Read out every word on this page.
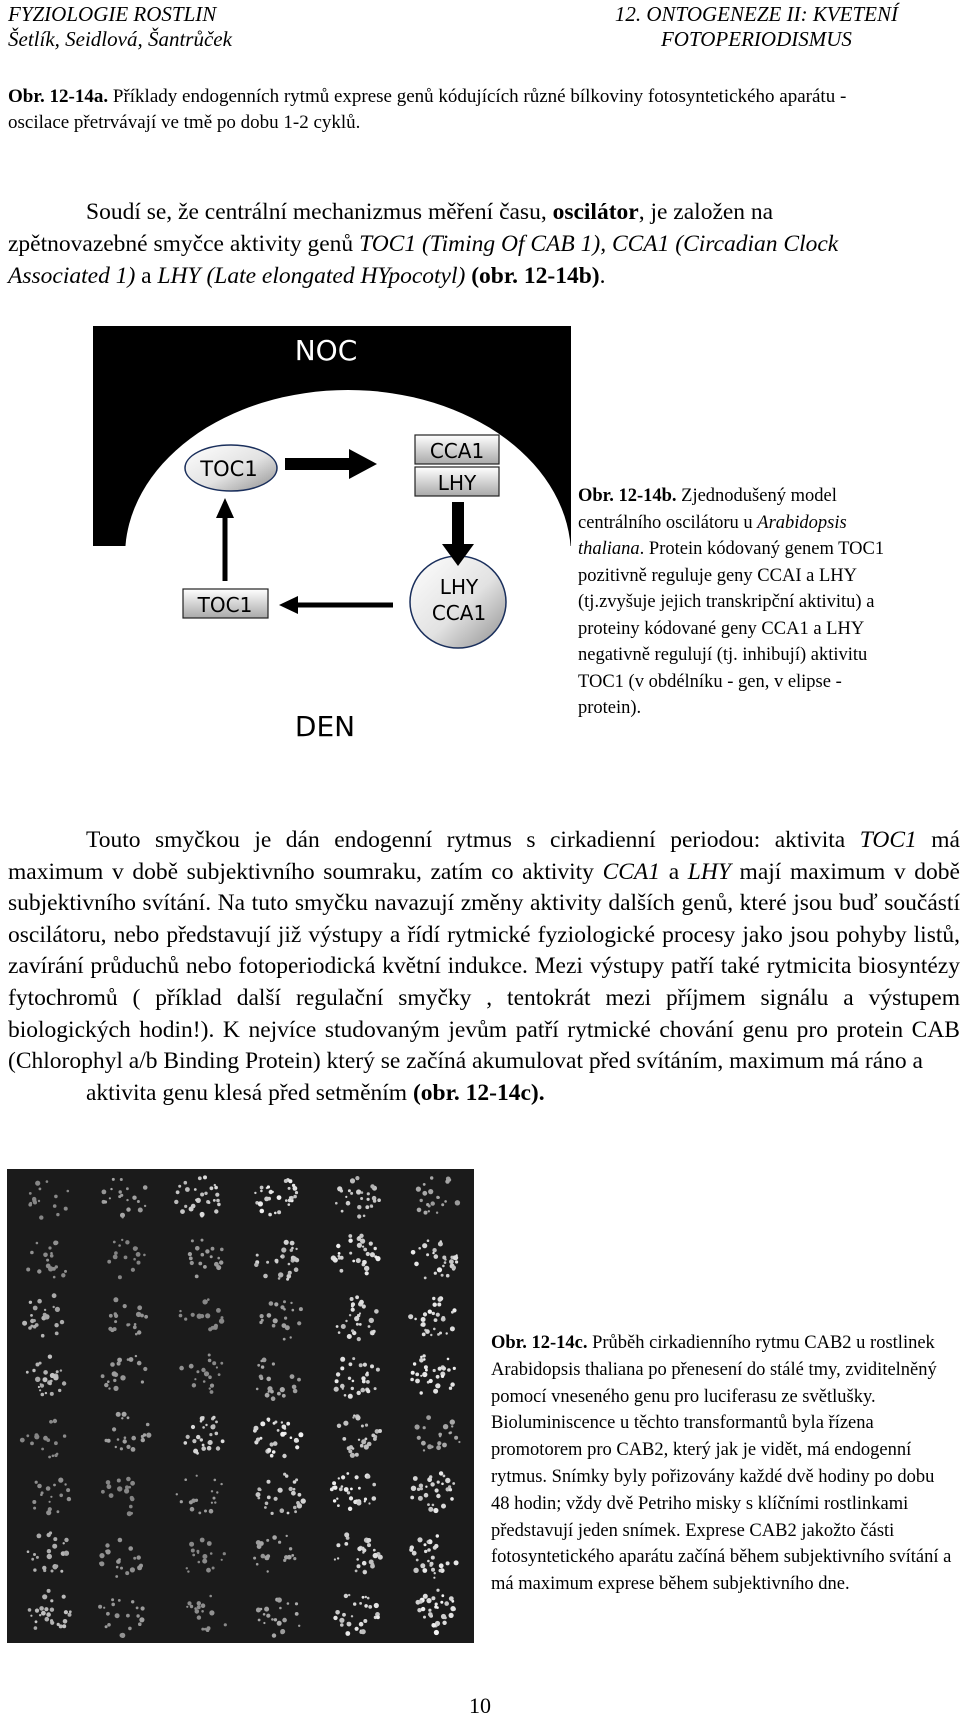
FYZIOLOGIE ROSTLIN
Šetlík, Seidlová, Šantrůček
12. ONTOGENEZE II: KVETENÍ
FOTOPERIODISMUS
Obr. 12-14a. Příklady endogenních rytmů exprese genů kódujících různé bílkoviny fotosyntetického aparátu - oscilace přetrvávají ve tmě po dobu 1-2 cyklů.
Soudí se, že centrální mechanizmus měření času, oscilátor, je založen na zpětnovazebné smyčce aktivity genů TOC1 (Timing Of CAB 1), CCA1 (Circadian Clock Associated 1) a LHY (Late elongated HYpocotyl) (obr. 12-14b).
NOC
DEN
TOC1
CCA1
LHY
TOC1
LHY
CCA1
Obr. 12-14b. Zjednodušený model centrálního oscilátoru u Arabidopsis thaliana. Protein kódovaný genem TOC1 pozitivně reguluje geny CCAI a LHY (tj.zvyšuje jejich transkripční aktivitu) a proteiny kódované geny CCA1 a LHY negativně regulují (tj. inhibují) aktivitu TOC1 (v obdélníku - gen, v elipse - protein).
Touto smyčkou je dán endogenní rytmus s cirkadienní periodou: aktivita TOC1 má maximum v době subjektivního soumraku, zatím co aktivity CCA1 a LHY mají maximum v době subjektivního svítání. Na tuto smyčku navazují změny aktivity dalších genů, které jsou buď součástí oscilátoru, nebo představují již výstupy a řídí rytmické fyziologické procesy jako jsou pohyby listů, zavírání průduchů nebo fotoperiodická květní indukce. Mezi výstupy patří také rytmicita biosyntézy fytochromů ( příklad další regulační smyčky , tentokrát mezi příjmem signálu a výstupem biologických hodin!). K nejvíce studovaným jevům patří rytmické chování genu pro protein CAB (Chlorophyl a/b Binding Protein) který se začíná akumulovat před svítáním, maximum má ráno a
aktivita genu klesá před setměním (obr. 12-14c).
Obr. 12-14c. Průběh cirkadienního rytmu CAB2 u rostlinek Arabidopsis thaliana po přenesení do stálé tmy, zviditelněný pomocí vneseného genu pro luciferasu ze světlušky. Bioluminiscence u těchto transformantů byla řízena promotorem pro CAB2, který jak je vidět, má endogenní rytmus. Snímky byly pořizovány každé dvě hodiny po dobu 48 hodin; vždy dvě Petriho misky s klíčními rostlinkami představují jeden snímek. Exprese CAB2 jakožto části fotosyntetického aparátu začíná během subjektivního svítání a má maximum exprese během subjektivního dne.
10
